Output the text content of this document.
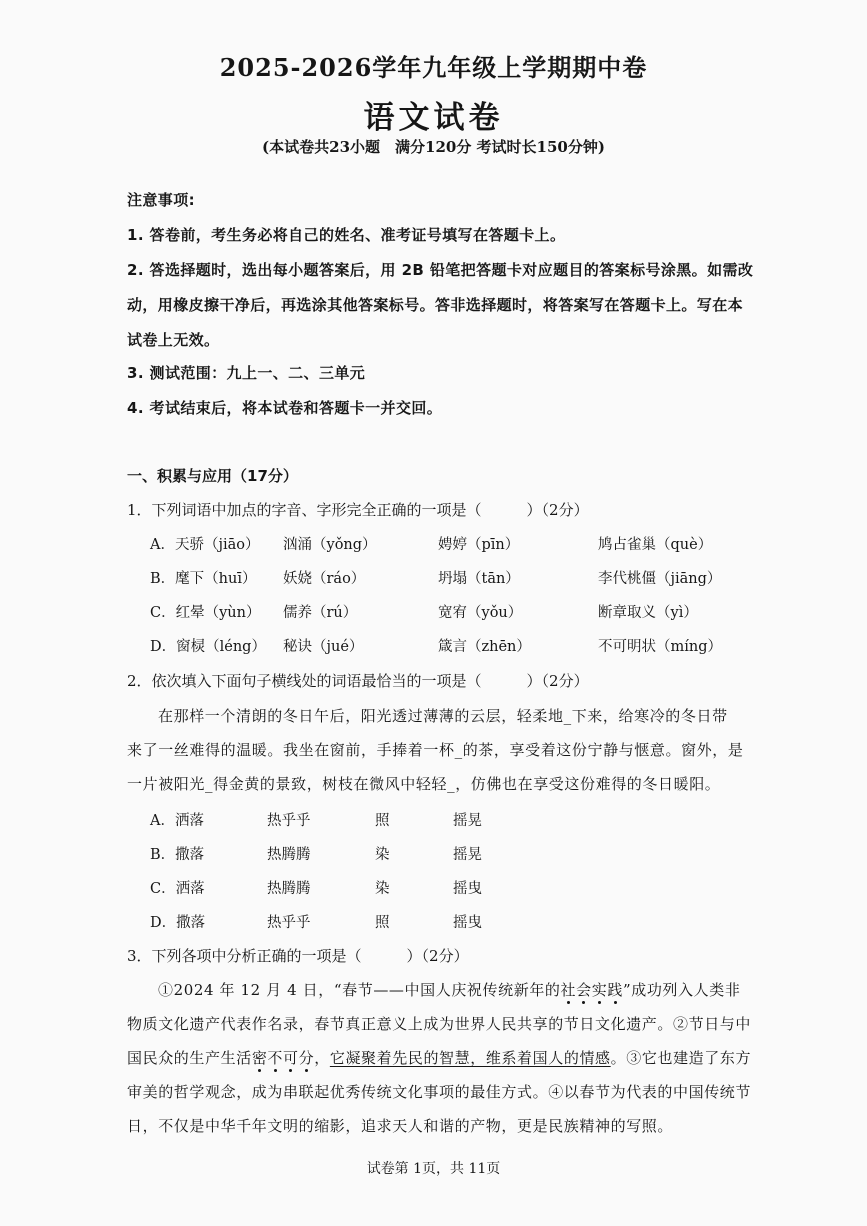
2025-2026学年九年级上学期期中卷
语文试卷
(本试卷共23小题　满分120分 考试时长150分钟)
注意事项:
1. 答卷前，考生务必将自己的姓名、准考证号填写在答题卡上。
2. 答选择题时，选出每小题答案后，用 2B 铅笔把答题卡对应题目的答案标号涂黑。如需改
动，用橡皮擦干净后，再选涂其他答案标号。答非选择题时，将答案写在答题卡上。写在本
试卷上无效。
3. 测试范围：九上一、二、三单元
4. 考试结束后，将本试卷和答题卡一并交回。
一、积累与应用（17分）
1．下列词语中加点的字音、字形完全正确的一项是（　　　）（2分）
A．天骄（jiāo） 汹涌（yǒng）	娉婷（pīn）	鸠占雀巢（què）
B．麾下（huī） 妖娆（ráo）	坍塌（tān）	李代桃僵（jiāng）
C．红晕（yùn） 儒养（rú）	宽宥（yǒu）	断章取义（yì）
D．窗棂（léng） 秘诀（jué）	箴言（zhēn）	不可明状（míng）
2．依次填入下面句子横线处的词语最恰当的一项是（　　　）（2分）
在那样一个清朗的冬日午后，阳光透过薄薄的云层，轻柔地_下来，给寒冷的冬日带
来了一丝难得的温暖。我坐在窗前，手捧着一杯_的茶，享受着这份宁静与惬意。窗外，是
一片被阳光_得金黄的景致，树枝在微风中轻轻_，仿佛也在享受这份难得的冬日暖阳。
A．洒落	热乎乎	照	摇晃
B．撒落	热腾腾	染	摇晃
C．洒落	热腾腾	染	摇曳
D．撒落	热乎乎	照	摇曳
3．下列各项中分析正确的一项是（　　　）（2分）
①2024 年 12 月 4 日，“春节——中国人庆祝传统新年的社会实践”成功列入人类非
物质文化遗产代表作名录，春节真正意义上成为世界人民共享的节日文化遗产。②节日与中
国民众的生产生活密不可分，它凝聚着先民的智慧，维系着国人的情感。③它也建造了东方
审美的哲学观念，成为串联起优秀传统文化事项的最佳方式。④以春节为代表的中国传统节
日，不仅是中华千年文明的缩影，追求天人和谐的产物，更是民族精神的写照。
试卷第 1页，共 11页
